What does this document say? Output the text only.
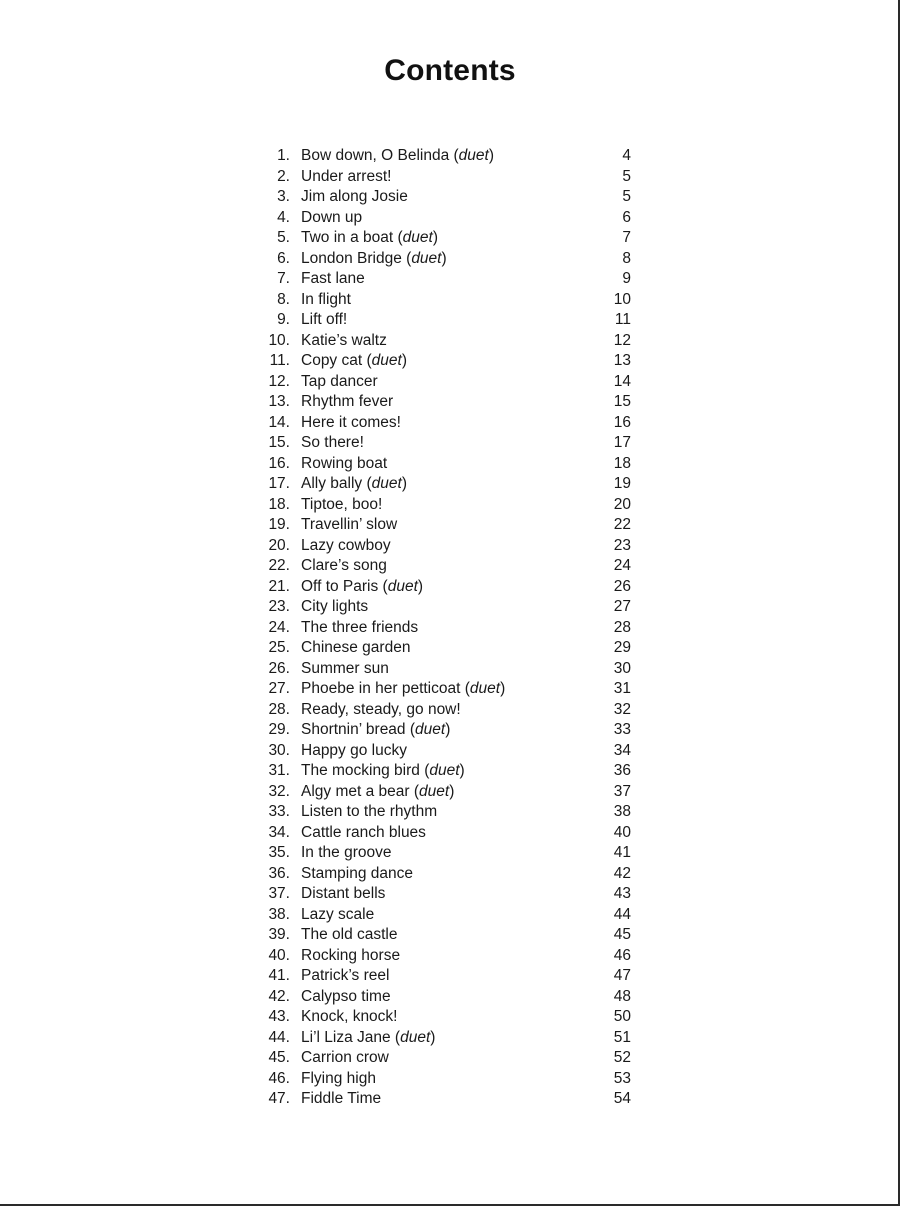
Contents
1. Bow down, O Belinda (duet)	4
2. Under arrest!	5
3. Jim along Josie	5
4. Down up	6
5. Two in a boat (duet)	7
6. London Bridge (duet)	8
7. Fast lane	9
8. In flight	10
9. Lift off!	11
10. Katie’s waltz	12
11. Copy cat (duet)	13
12. Tap dancer	14
13. Rhythm fever	15
14. Here it comes!	16
15. So there!	17
16. Rowing boat	18
17. Ally bally (duet)	19
18. Tiptoe, boo!	20
19. Travellin’ slow	22
20. Lazy cowboy	23
22. Clare’s song	24
21. Off to Paris (duet)	26
23. City lights	27
24. The three friends	28
25. Chinese garden	29
26. Summer sun	30
27. Phoebe in her petticoat (duet)	31
28. Ready, steady, go now!	32
29. Shortnin’ bread (duet)	33
30. Happy go lucky	34
31. The mocking bird (duet)	36
32. Algy met a bear (duet)	37
33. Listen to the rhythm	38
34. Cattle ranch blues	40
35. In the groove	41
36. Stamping dance	42
37. Distant bells	43
38. Lazy scale	44
39. The old castle	45
40. Rocking horse	46
41. Patrick’s reel	47
42. Calypso time	48
43. Knock, knock!	50
44. Li’l Liza Jane (duet)	51
45. Carrion crow	52
46. Flying high	53
47. Fiddle Time	54
